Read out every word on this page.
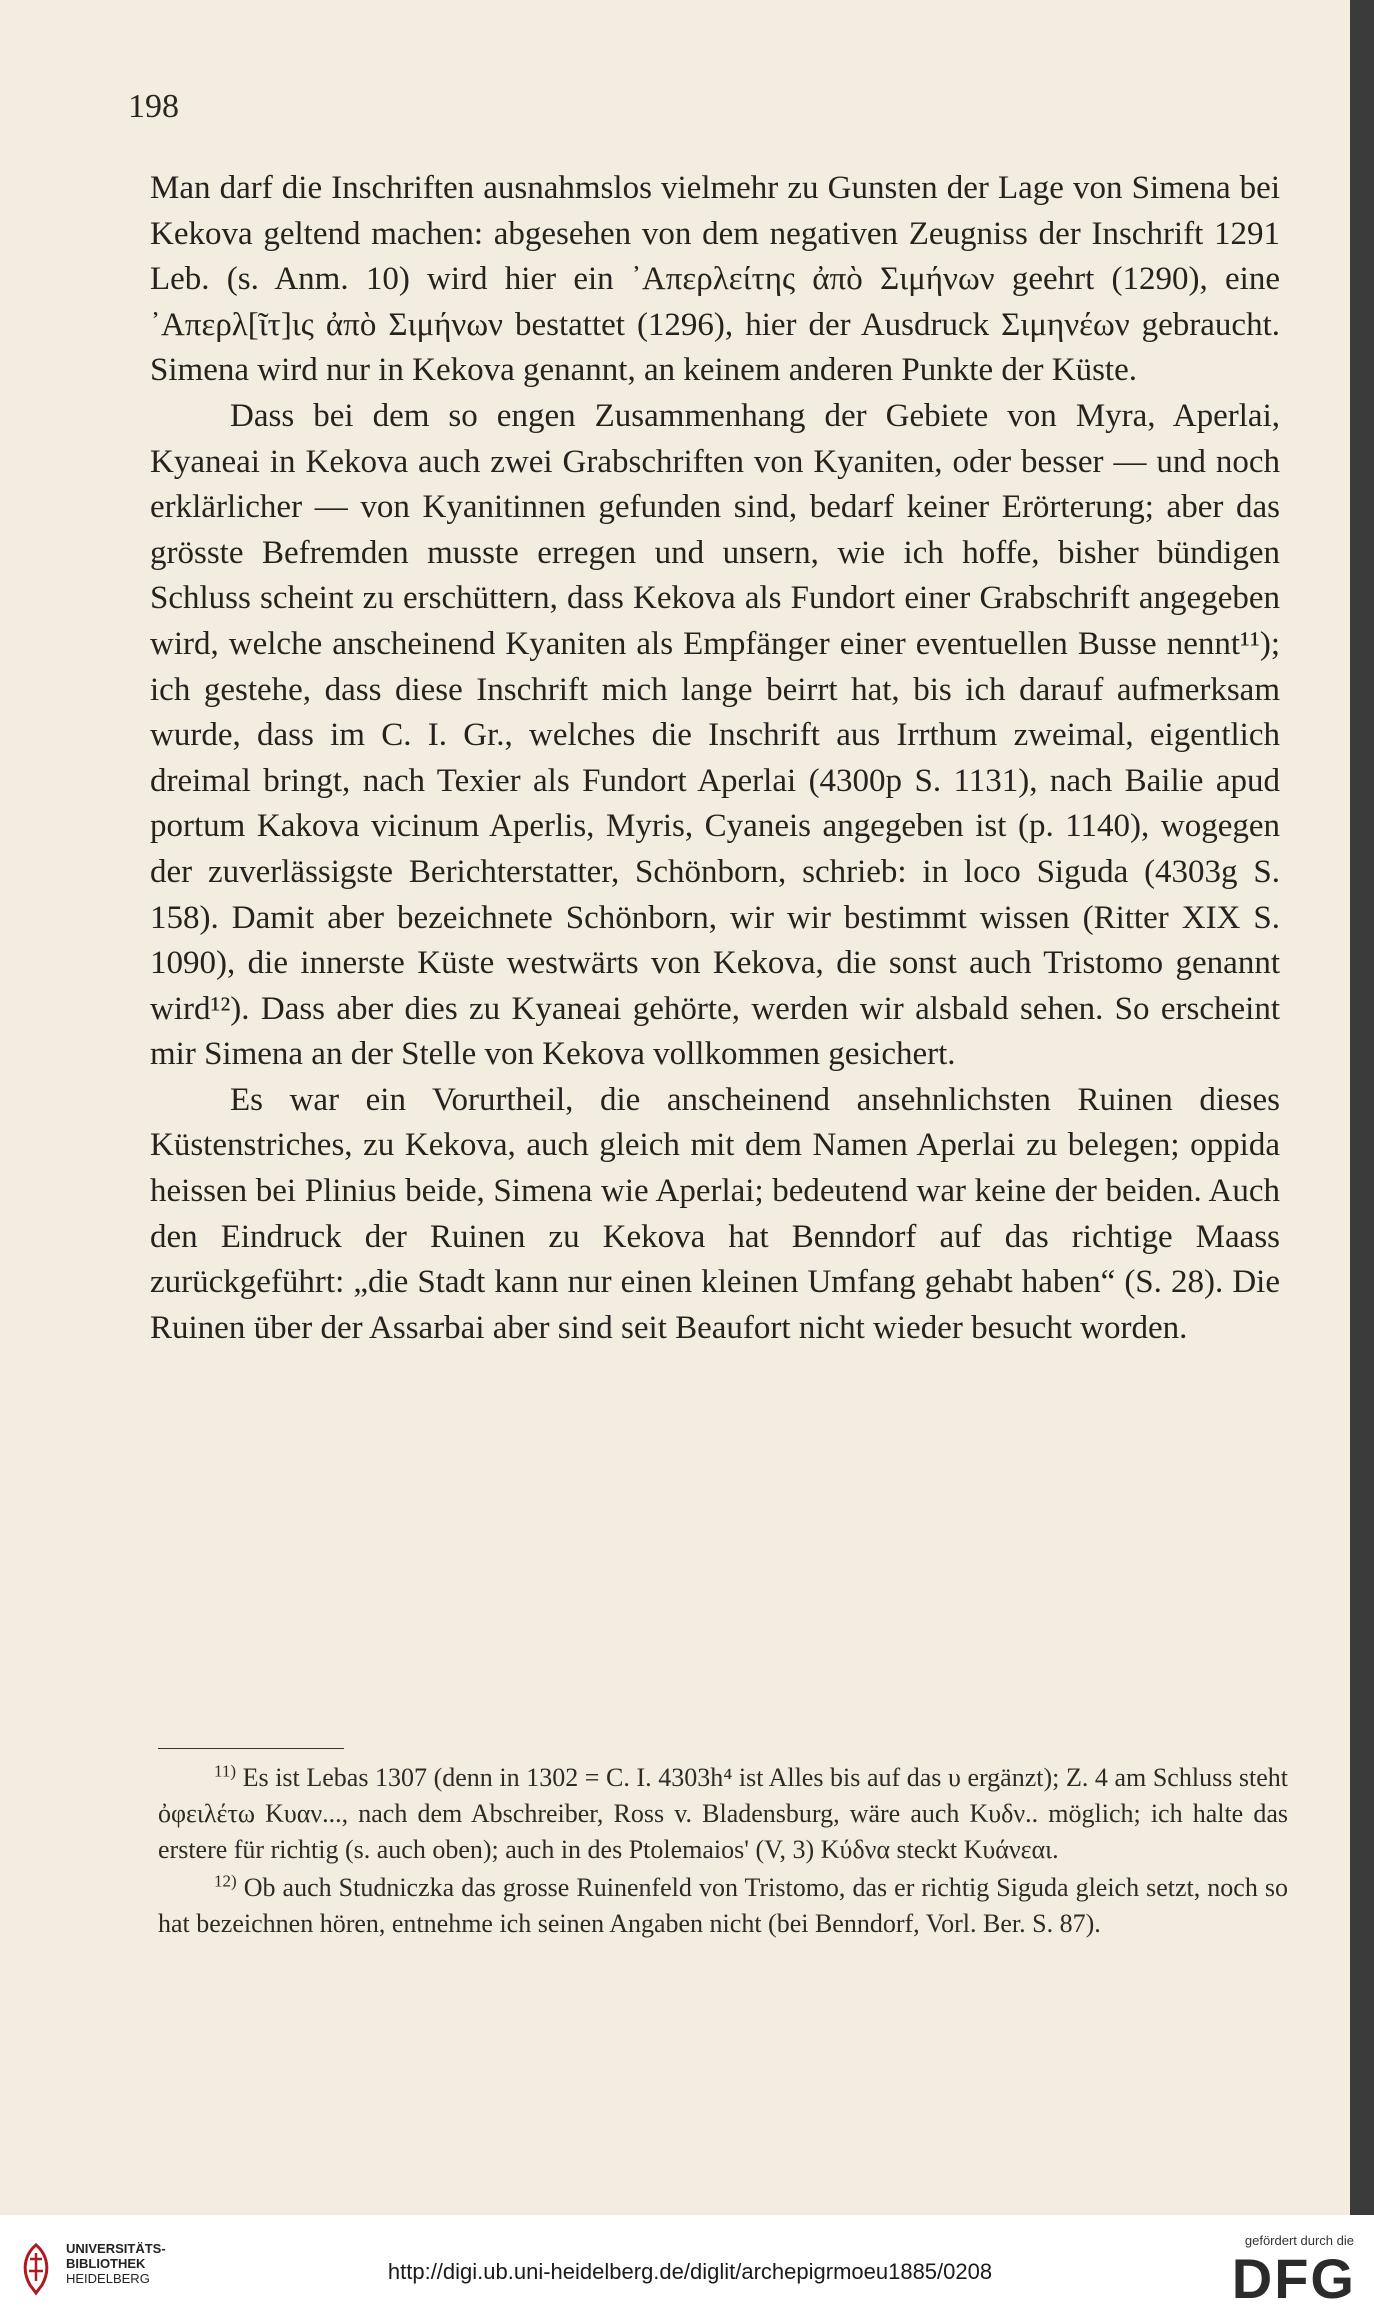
198

Man darf die Inschriften ausnahmslos vielmehr zu Gunsten der Lage von Simena bei Kekova geltend machen: abgesehen von dem negativen Zeugniss der Inschrift 1291 Leb. (s. Anm. 10) wird hier ein ᾿Απερλείτης ἀπὸ Σιμήνων geehrt (1290), eine ᾿Απερλ[ῖτ]ις ἀπὸ Σιμήνων bestattet (1296), hier der Ausdruck Σιμηνέων gebraucht. Simena wird nur in Kekova genannt, an keinem anderen Punkte der Küste.

Dass bei dem so engen Zusammenhang der Gebiete von Myra, Aperlai, Kyaneai in Kekova auch zwei Grabschriften von Kyaniten, oder besser — und noch erklärlicher — von Kyanitinnen gefunden sind, bedarf keiner Erörterung; aber das grösste Befremden musste erregen und unsern, wie ich hoffe, bisher bündigen Schluss scheint zu erschüttern, dass Kekova als Fundort einer Grabschrift angegeben wird, welche anscheinend Kyaniten als Empfänger einer eventuellen Busse nennt¹¹); ich gestehe, dass diese Inschrift mich lange beirrt hat, bis ich darauf aufmerksam wurde, dass im C. I. Gr., welches die Inschrift aus Irrthum zweimal, eigentlich dreimal bringt, nach Texier als Fundort Aperlai (4300p S. 1131), nach Bailie apud portum Kakova vicinum Aperlis, Myris, Cyaneis angegeben ist (p. 1140), wogegen der zuverlässigste Berichterstatter, Schönborn, schrieb: in loco Siguda (4303g S. 158). Damit aber bezeichnete Schönborn, wir wir bestimmt wissen (Ritter XIX S. 1090), die innerste Küste westwärts von Kekova, die sonst auch Tristomo genannt wird¹²). Dass aber dies zu Kyaneai gehörte, werden wir alsbald sehen. So erscheint mir Simena an der Stelle von Kekova vollkommen gesichert.

Es war ein Vorurtheil, die anscheinend ansehnlichsten Ruinen dieses Küstenstriches, zu Kekova, auch gleich mit dem Namen Aperlai zu belegen; oppida heissen bei Plinius beide, Simena wie Aperlai; bedeutend war keine der beiden. Auch den Eindruck der Ruinen zu Kekova hat Benndorf auf das richtige Maass zurückgeführt: „die Stadt kann nur einen kleinen Umfang gehabt haben“ (S. 28). Die Ruinen über der Assarbai aber sind seit Beaufort nicht wieder besucht worden.

$^{11)}$ Es ist Lebas 1307 (denn in 1302 = C. I. 4303h⁴ ist Alles bis auf das υ ergänzt); Z. 4 am Schluss steht ὀφειλέτω Κυαν..., nach dem Abschreiber, Ross v. Bladensburg, wäre auch Κυδν.. möglich; ich halte das erstere für richtig (s. auch oben); auch in des Ptolemaios' (V, 3) Κύδνα steckt Κυάνεαι.

$^{12)}$ Ob auch Studniczka das grosse Ruinenfeld von Tristomo, das er richtig Siguda gleich setzt, noch so hat bezeichnen hören, entnehme ich seinen Angaben nicht (bei Benndorf, Vorl. Ber. S. 87).

UNIVERSITÄTS-
BIBLIOTHEK
HEIDELBERG	http://digi.ub.uni-heidelberg.de/diglit/archepigrmoeu1885/0208
gefördert durch die
DFG
